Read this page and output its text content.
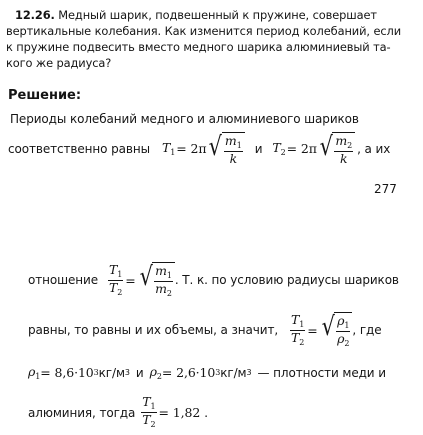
12.26. Медный шарик, подвешенный к пружине, совершает
вертикальные колебания. Как изменится период колебаний, если
к пружине подвесить вместо медного шарика алюминиевый та-
кого же радиуса?
Решение:
Периоды колебаний медного и алюминиевого шариков
соответственно равны $T_1 = 2\pi$ √ $\frac{m_1}{k}$ и $T_2 = 2\pi$ √ $\frac{m_2}{k}$ , а их
277
отношение $\frac{T_1}{T_2}$ = √ $\frac{m_1}{m_2}$ . Т. к. по условию радиусы шариков
равны, то равны и их объемы, а значит, $\frac{T_1}{T_2}$ = √ $\frac{\rho_1}{\rho_2}$ , где
$\rho_1 = 8,6\cdot 10$ 3 кг/м 3 и $\rho_2 = 2,6\cdot 10$ 3 кг/м 3 — плотности меди и
алюминия, тогда $\frac{T_1}{T_2} = 1,82$ .
